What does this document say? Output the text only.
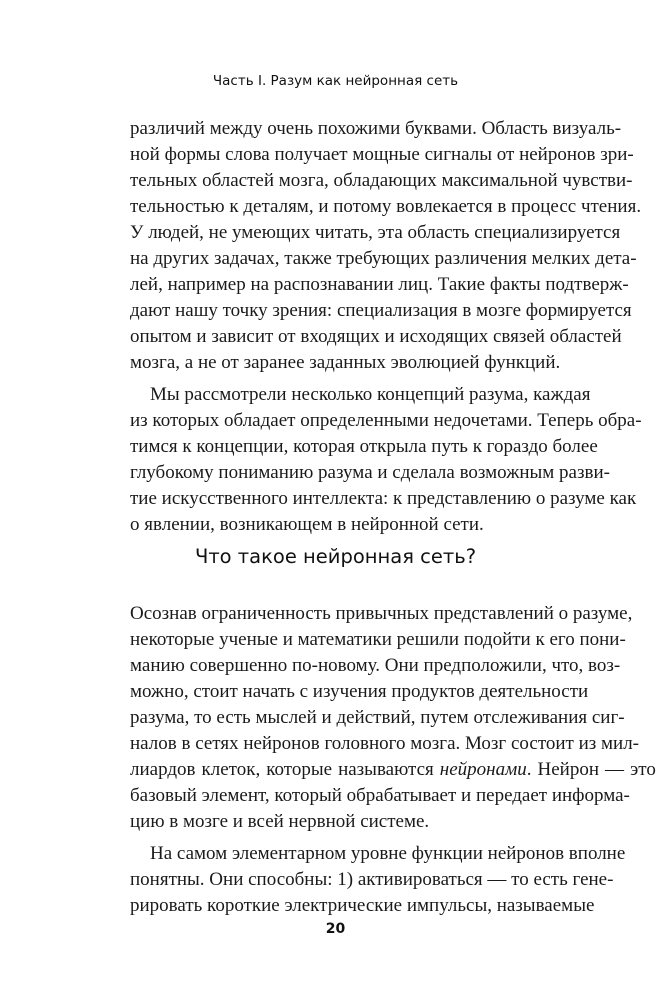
Часть I. Разум как нейронная сеть
различий между очень похожими буквами. Область визуаль-
ной формы слова получает мощные сигналы от нейронов зри-
тельных областей мозга, обладающих максимальной чувстви-
тельностью к деталям, и потому вовлекается в процесс чтения.
У людей, не умеющих читать, эта область специализируется
на других задачах, также требующих различения мелких дета-
лей, например на распознавании лиц. Такие факты подтверж-
дают нашу точку зрения: специализация в мозге формируется
опытом и зависит от входящих и исходящих связей областей
мозга, а не от заранее заданных эволюцией функций.
Мы рассмотрели несколько концепций разума, каждая
из которых обладает определенными недочетами. Теперь обра-
тимся к концепции, которая открыла путь к гораздо более
глубокому пониманию разума и сделала возможным разви-
тие искусственного интеллекта: к представлению о разуме как
о явлении, возникающем в нейронной сети.
Что такое нейронная сеть?
Осознав ограниченность привычных представлений о разуме,
некоторые ученые и математики решили подойти к его пони-
манию совершенно по-новому. Они предположили, что, воз-
можно, стоит начать с изучения продуктов деятельности
разума, то есть мыслей и действий, путем отслеживания сиг-
налов в сетях нейронов головного мозга. Мозг состоит из мил-
лиардов клеток, которые называются нейронами. Нейрон — это
базовый элемент, который обрабатывает и передает информа-
цию в мозге и всей нервной системе.
На самом элементарном уровне функции нейронов вполне
понятны. Они способны: 1) активироваться — то есть гене-
рировать короткие электрические импульсы, называемые
20
